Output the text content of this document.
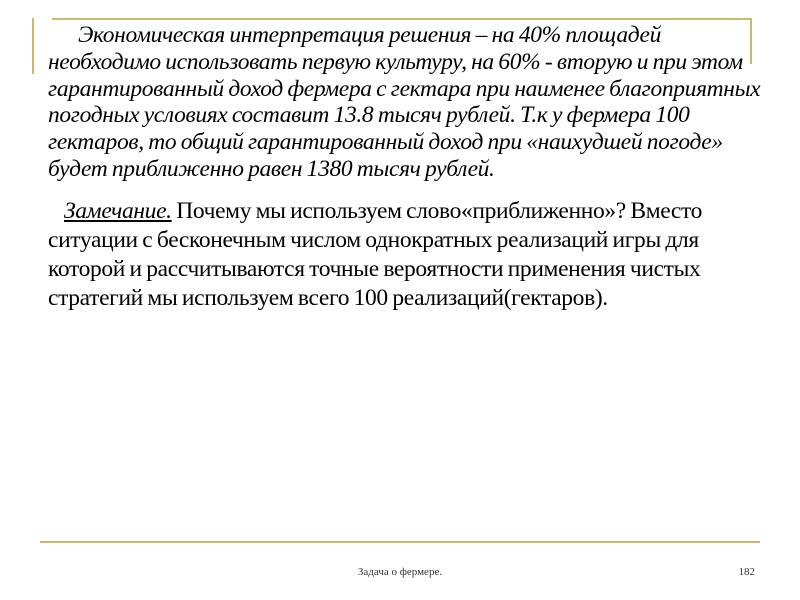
Экономическая интерпретация решения – на 40% площадей необходимо использовать первую культуру, на 60% - вторую и при этом гарантированный доход фермера с гектара при наименее благоприятных погодных условиях составит 13.8 тысяч рублей. Т.к у фермера 100 гектаров, то общий гарантированный доход при «наихудшей погоде» будет приближенно равен 1380 тысяч рублей.

Замечание. Почему мы используем слово«приближенно»? Вместо ситуации с бесконечным числом однократных реализаций игры для которой и рассчитываются точные вероятности применения чистых стратегий мы используем всего 100 реализаций(гектаров).

Задача о фермере.	182
